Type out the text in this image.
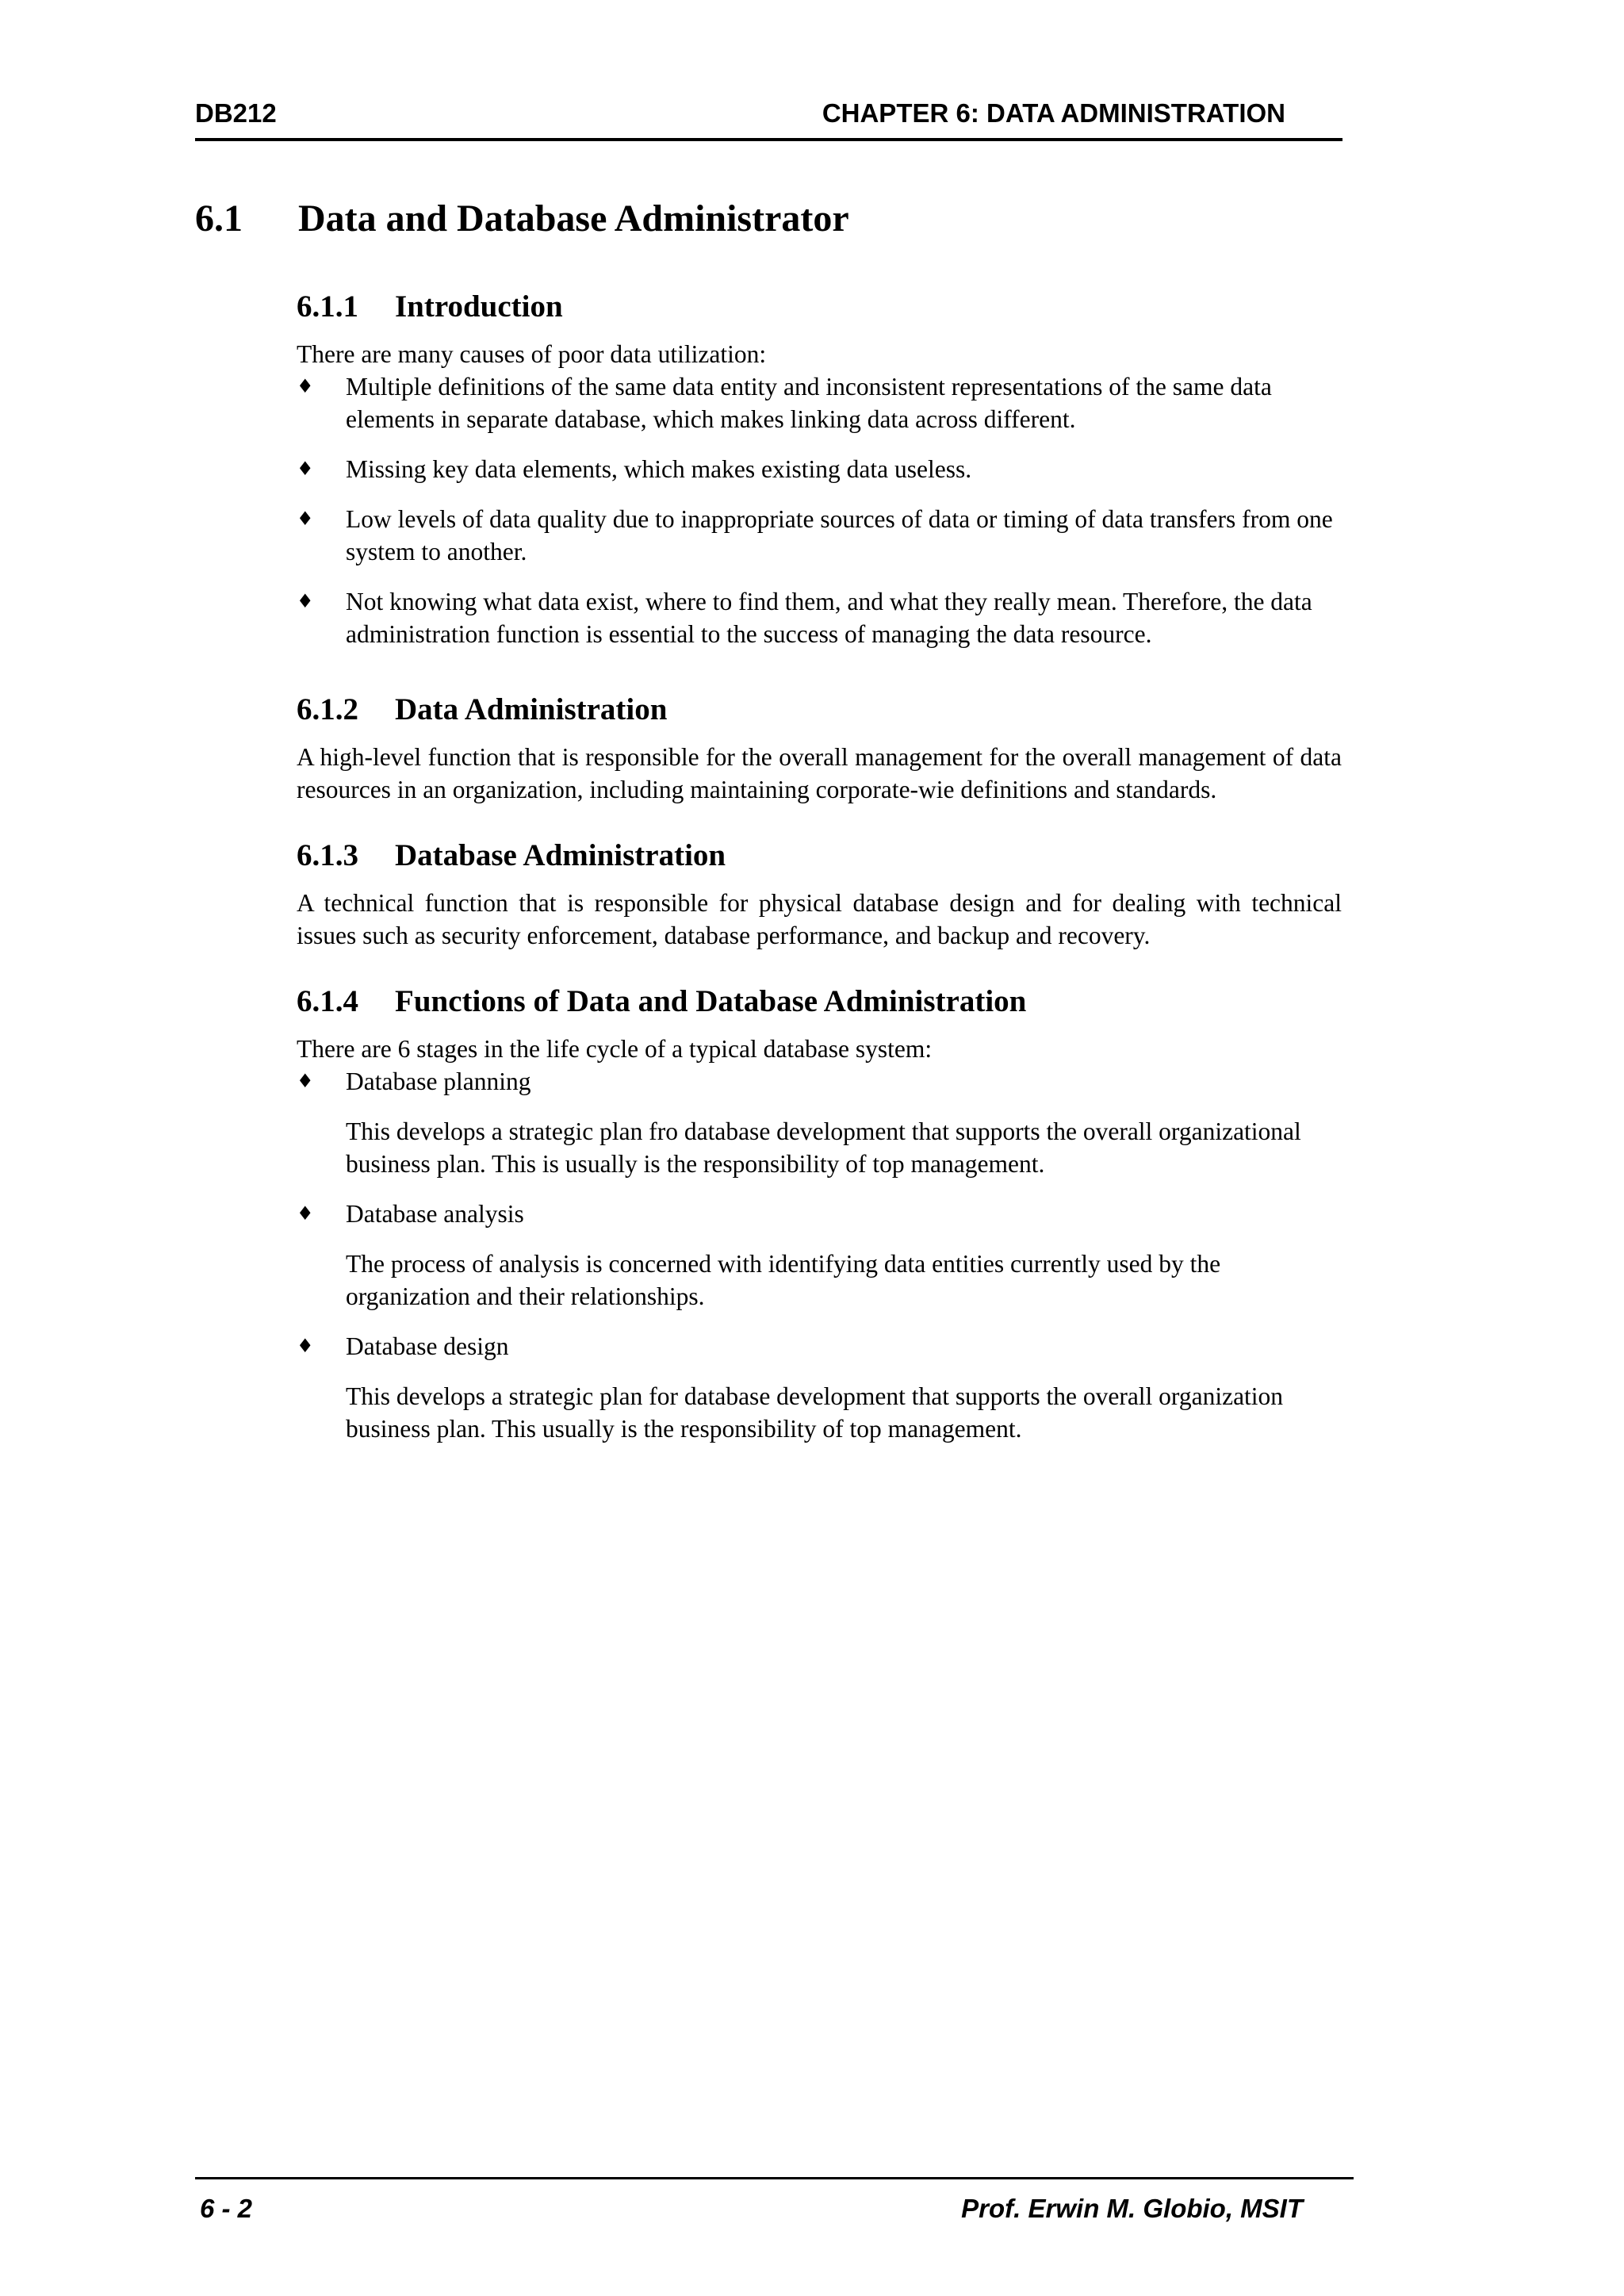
DB212	CHAPTER 6: DATA ADMINISTRATION
6.1 Data and Database Administrator
6.1.1 Introduction

There are many causes of poor data utilization:

♦ Multiple definitions of the same data entity and inconsistent representations of the same data elements in separate database, which makes linking data across different.
♦ Missing key data elements, which makes existing data useless.
♦ Low levels of data quality due to inappropriate sources of data or timing of data transfers from one system to another.
♦ Not knowing what data exist, where to find them, and what they really mean. Therefore, the data administration function is essential to the success of managing the data resource.
6.1.2 Data Administration

A high-level function that is responsible for the overall management for the overall management of data resources in an organization, including maintaining corporate-wie definitions and standards.

6.1.3 Database Administration

A technical function that is responsible for physical database design and for dealing with technical issues such as security enforcement, database performance, and backup and recovery.

6.1.4 Functions of Data and Database Administration

There are 6 stages in the life cycle of a typical database system:

♦ Database planning

This develops a strategic plan fro database development that supports the overall organizational business plan. This is usually is the responsibility of top management.

♦ Database analysis

The process of analysis is concerned with identifying data entities currently used by the organization and their relationships.

♦ Database design

This develops a strategic plan for database development that supports the overall organization business plan. This usually is the responsibility of top management.

6 - 2	Prof. Erwin M. Globio, MSIT
